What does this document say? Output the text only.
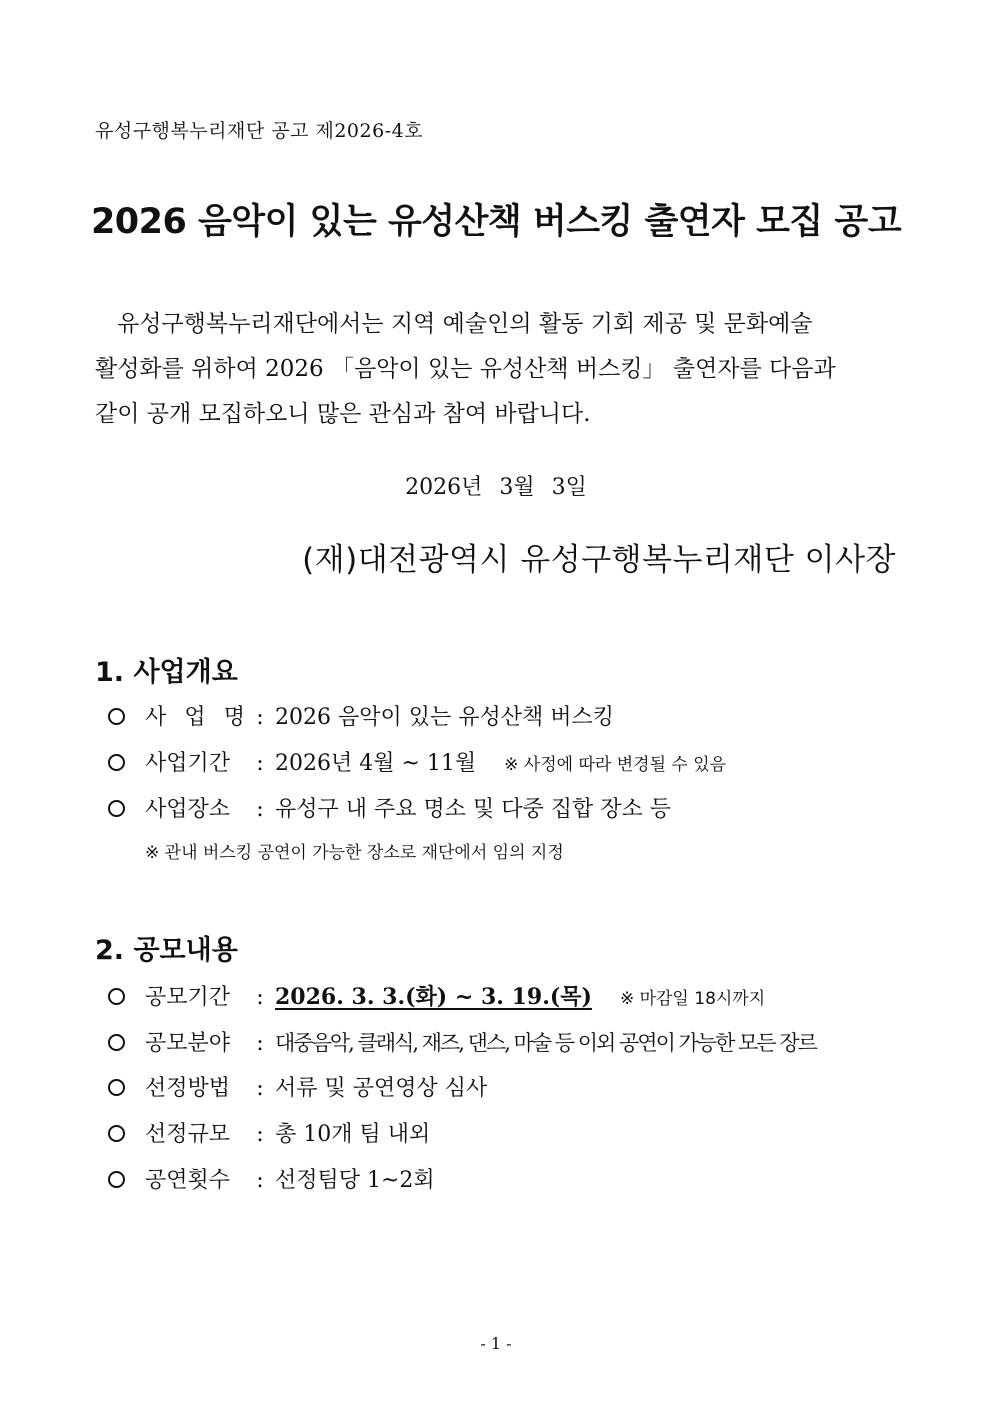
유성구행복누리재단 공고 제2026-4호
2026 음악이 있는 유성산책 버스킹 출연자 모집 공고
유성구행복누리재단에서는 지역 예술인의 활동 기회 제공 및 문화예술
활성화를 위하여 2026 「음악이 있는 유성산책 버스킹」 출연자를 다음과
같이 공개 모집하오니 많은 관심과 참여 바랍니다.
2026년 3월 3일
(재)대전광역시 유성구행복누리재단 이사장
1. 사업개요
사 업 명 : 2026 음악이 있는 유성산책 버스킹
사업기간 : 2026년 4월 ~ 11월 ※ 사정에 따라 변경될 수 있음
사업장소 : 유성구 내 주요 명소 및 다중 집합 장소 등
※ 관내 버스킹 공연이 가능한 장소로 재단에서 임의 지정
2. 공모내용
공모기간 : 2026. 3. 3.(화) ~ 3. 19.(목) ※ 마감일 18시까지
공모분야 : 대중음악, 클래식, 재즈, 댄스, 마술 등 이외 공연이 가능한 모든 장르
선정방법 : 서류 및 공연영상 심사
선정규모 : 총 10개 팀 내외
공연횟수 : 선정팀당 1~2회
- 1 -
